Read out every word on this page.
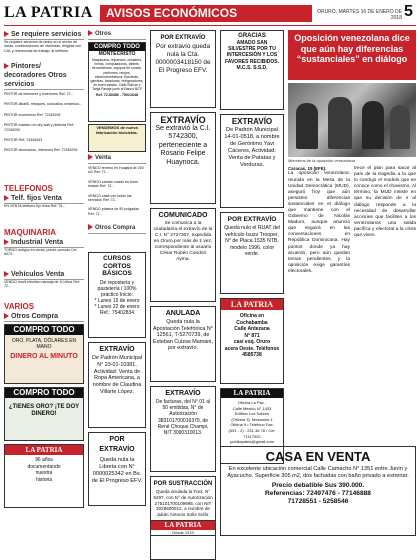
LA PATRIA	AVISOS ECONÓMICOS	ORURO, MARTES 16 DE ENERO DE 2018 5
Se requiere servicios
Se requiere servicios de pintor en el sector de obras, construcciones de viviendas, dirigirse con CAL y referencias de trabajo, al teléfono.
Pintores/ decoradores Otros servicios

PINTOR de interiores y exteriores Ref: 72...

PINTOR albañil, retoques, colocados cerámica...

PINTOR económico Ref: 72345294

PINTOR maestro en dry wall y pinturas Ref: 72345292

PINTOR Ref: 74345343

PINTOR decoración, interiores Ref: 72345294

TELEFONOS
Telf. fijos Venta
EN VENTA teléfono fijo línea Ref: 79...
MAQUINARIA
Industrial Venta
TORNO antiguo en venta, precio cómodo Cel. 6973...
Vehículos Venta
VENDO movil eléctrico naranja de 10 años Ref: 72...
VARIOS
Otros Compra
COMPRO TODO
ORO, PLATA, DÓLARES EN MANO
DINERO AL MINUTO
COMPRO TODO
¿TIENES ORO? ¡TE DOY DINERO!
LA PATRIA
96 años
documentando
nuestra
historia
Otros
COMPRO TODO
MONTECRISTO
Maquinaria, repuestos, celulares, líneas, computadoras, tablets, herramientas, equipos de sonido, perfumes, relojes, electrodomésticos, bicicletas, garrafas, lavadoras, refrigeradores, en buen estado. Calle Bolívar y Tarija Pasaje junto al Banco BCP
Ref. 72.80386 - 75021648
VENDEMOS de nueva fabricación bicicletas.
Venta

VENDO terreno en Huajara de 200 m2 Ref: 72...

VENDO camión usado en buen estado Ref: 72...

VENDO casa con todos los servicios Ref: 72...

VENDO plasma de 50 pulgadas Ref: 71...

Otros Compra
CURSOS CORTOS BÁSICOS
De repostería y pastelería / 100% práctico Inicio:
* Lunes 15 de enero
* Lunes 22 de enero
Ref.: 75402834
EXTRAVÍO
De Padrón Municipal N° 23-01-10381, Actividad: Venta de Ropa Americana, a nombre de Claudina Villarte López.
POR EXTRAVÍO
Queda nula la Libreta con N° 0000025342 en Bs. de El Progreso EFV.
POR EXTRAVÍO
Por extravío queda nula la Cta. 0000003418150 de El Progreso EFV.
EXTRAVÍO
Se extravió la C.I. 5742300, perteneciente a Rosario Felipe Huaynoca.
COMUNICADO
Se comunica a la ciudadanía el extravío de la C.I. N° 2727307, expedida en Oruro por más de 1 vez, correspondiente al usuario César Rubén Condori Ayma.
ANULADA
Queda nula la Apostación Telefónica N° 12561, T-5270739, de Esteban Cuizas Mamani, por extravío.
EXTRAVÍO
De facturas, del N° 01 al 50 emitidas, N° de Autorización 383101700016379, de René Choque Champi, NIT 3090310013.
POR SUSTRACCIÓN
Queda anulada la Fact. N° 5297, con N° de Autorización 275101700109995, con NIT 3028600012, a nombre de Julián Antonio Solís Solís.
LA PATRIA
Desde 1919
GRACIAS
AMADO SAN SILVESTRE POR TU INTERCESIÓN Y LOS FAVORES RECIBIDOS. M.C.S. S.S.D.
EXTRAVÍO
De Padrón Municipal 14-01-0518, a nombre de Gerónimo Yavi Cáceres, Actividad: Venta de Patatas y Verduras.
POR EXTRAVÍO
Queda nulo el RUAT del vehículo Isuzu Trooper, N° de Placa 1535 NTB, modelo 1996, color verde.
LA PATRIA
Oficina en
Cochabamba
Calle Antezana
N° 871
casi esq. Oruro
acera Oeste. Teléfonos
4585738
LA PATRIA
Oficina La Paz -
Calle México N° 1433
Edificio Los Sobres
(Oficina 3). Mezanine 1
Oficina 9 • Teléfono Fax:
(591 - 2) - 231 36 78 / Cel.
71117920
publilapatria@gmail.com
CASA EN VENTA
En excelente ubicación comercial Calle Camacho N° 1351 entre Junín y Ayacucho. Superficie 305 m2, dos fachadas con baño privado a estrenar.
Precio debatible Sus 390.000.
Referencias: 72497476 - 77146888
71728551 - 5258546
Oposición venezolana dice que aún hay diferencias “sustanciales” en diálogo
Miembros de la oposición venezolana.
Caracas, 15 (EFE).
La oposición venezolana, reunida en la Mesa de la Unidad Democrática (MUD), aseguró hoy que aún persisten diferencias sustanciales en el diálogo que mantiene con el Gobierno de Nicolás Maduro, aunque anunció que seguirá en las conversaciones en República Dominicana. Hay puntos donde ya hay acuerdo, pero aún quedan temas pendientes, y la oposición exige garantías electorales.
trece el plan para sacar al país de la tragedia a la que lo condujo el modelo que se conoce como el chavismo. Al término, la MUD insiste en que su decisión de ir al diálogo responde a la necesidad de desarrollar acciones que faciliten a los venezolanos una salida pacífica y electoral a la crisis que viven.
